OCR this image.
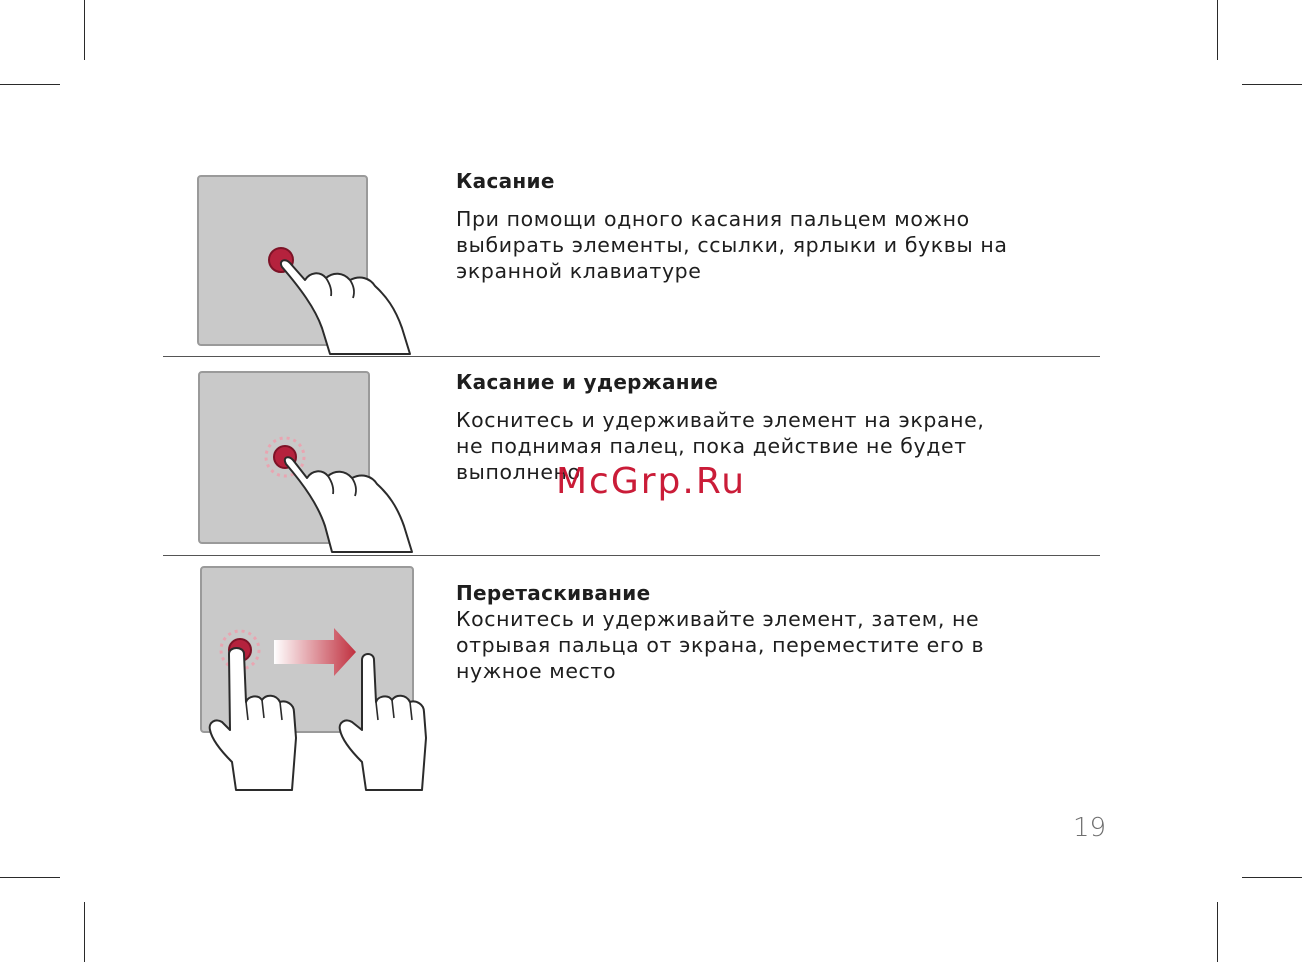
Касание

При помощи одного касания пальцем можно

выбирать элементы, ссылки, ярлыки и буквы на

экранной клавиатуре

Касание и удержание

Коснитесь и удерживайте элемент на экране,

не поднимая палец, пока действие не будет

выполнено

Перетаскивание

Коснитесь и удерживайте элемент, затем, не

отрывая пальца от экрана, переместите его в

нужное место

McGrp.Ru
19
